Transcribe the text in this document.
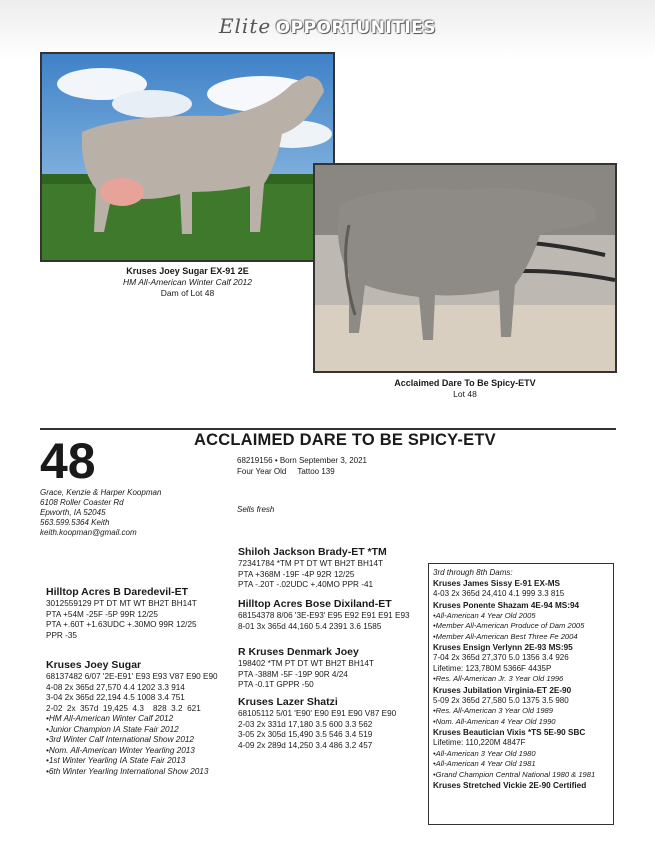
Elite OPPORTUNITIES
Kruses Joey Sugar EX-91 2E
HM All-American Winter Calf 2012
Dam of Lot 48
Acclaimed Dare To Be Spicy-ETV
Lot 48
48	ACCLAIMED DARE TO BE SPICY-ETV
68219156 • Born September 3, 2021
Four Year Old     Tattoo 139
Sells fresh
Grace, Kenzie & Harper Koopman
6108 Roller Coaster Rd
Epworth, IA 52045
563.599.5364 Keith
keith.koopman@gmail.com
Shiloh Jackson Brady-ET *TM
72341784 *TM PT DT WT BH2T BH14T
PTA +368M -19F -4P 92R 12/25
PTA -.20T -.02UDC +.40MO PPR -41
Hilltop Acres Bose Dixiland-ET
68154378 8/06 '3E-E93' E95 E92 E91 E91 E93
8-01 3x 365d 44,160 5.4 2391 3.6 1585
Hilltop Acres B Daredevil-ET
3012559129 PT DT MT WT BH2T BH14T
PTA +54M -25F -5P 99R 12/25
PTA +.60T +1.63UDC +.30MO 99R 12/25
PPR -35
Kruses Joey Sugar
68137482 6/07 '2E-E91' E93 E93 V87 E90 E90
4-08 2x 365d 27,570 4.4 1202 3.3 914
3-04 2x 365d 22,194 4.5 1008 3.4 751
2-02  2x  357d  19,425  4.3    828  3.2  621
•HM All-American Winter Calf 2012
•Junior Champion IA State Fair 2012
•3rd Winter Calf International Show 2012
•Nom. All-American Winter Yearling 2013
•1st Winter Yearling IA State Fair 2013
•6th Winter Yearling International Show 2013
R Kruses Denmark Joey
198402 *TM PT DT WT BH2T BH14T
PTA -388M -5F -19P 90R 4/24
PTA -0.1T GPPR -50
Kruses Lazer Shatzi
68105112 5/01 'E90' E90 E91 E90 V87 E90
2-03 2x 331d 17,180 3.5 600 3.3 562
3-05 2x 305d 15,490 3.5 546 3.4 519
4-09 2x 289d 14,250 3.4 486 3.2 457
3rd through 8th Dams:
Kruses James Sissy E-91 EX-MS
4-03 2x 365d 24,410 4.1 999 3.3 815
Kruses Ponente Shazam 4E-94 MS:94
•All-American 4 Year Old 2005
•Member All-American Produce of Dam 2005
•Member All-American Best Three Fe 2004
Kruses Ensign Verlynn 2E-93 MS:95
7-04 2x 365d 27,370 5.0 1356 3.4 926
Lifetime: 123,780M 5366F 4435P
•Res. All-American Jr. 3 Year Old 1996
Kruses Jubilation Virginia-ET 2E-90
5-09 2x 365d 27,580 5.0 1375 3.5 980
•Res. All-American 3 Year Old 1989
•Nom. All-American 4 Year Old 1990
Kruses Beautician Vixis *TS 5E-90 SBC
Lifetime: 110,220M 4847F
•All-American 3 Year Old 1980
•All-American 4 Year Old 1981
•Grand Champion Central National 1980 & 1981
Kruses Stretched Vickie 2E-90 Certified
